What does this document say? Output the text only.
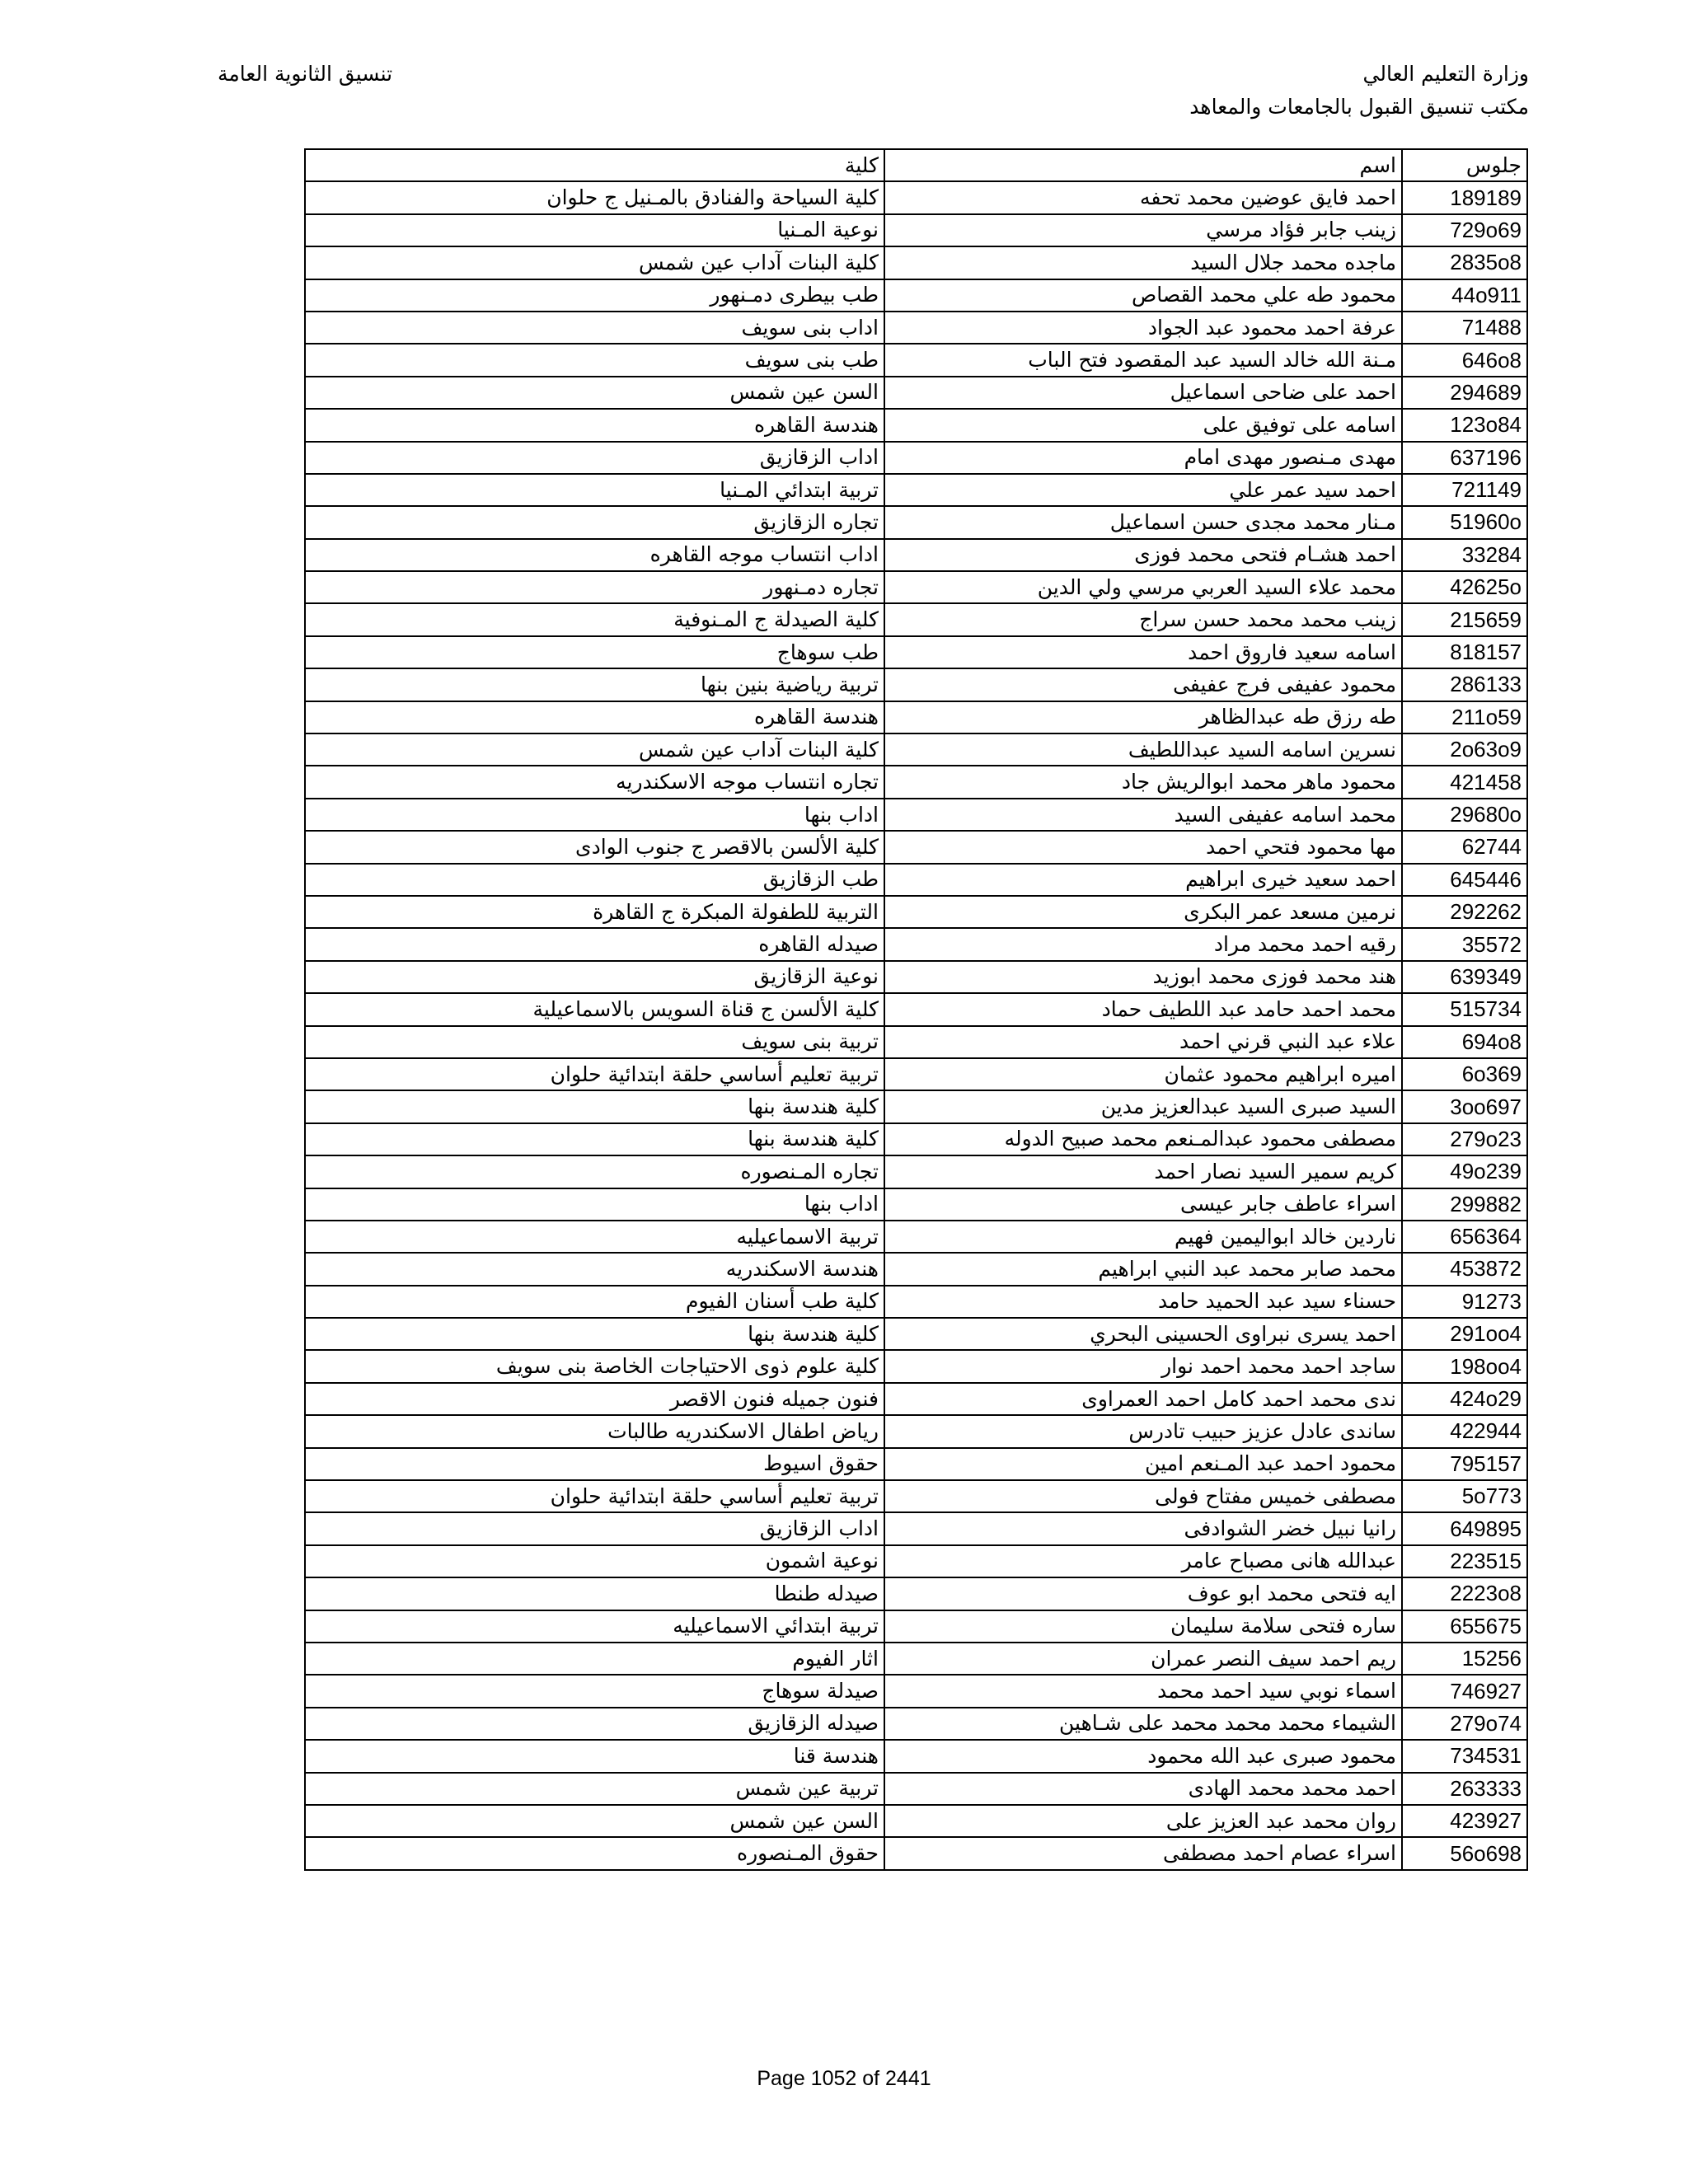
وزارة التعليم العالي
مكتب تنسيق القبول بالجامعات والمعاهد
تنسيق الثانوية العامة
جلوس	اسم	كلية
189189	احمد فايق عوضين محمد تحفه	كلية السياحة والفنادق بالمـنيل ج حلوان
729o69	زينب جابر فؤاد مرسي	نوعية المـنيا
2835o8	ماجده محمد جلال السيد	كلية البنات آداب عين شمس
44o911	محمود طه علي محمد القصاص	طب بيطرى دمـنهور
71488	عرفة احمد محمود عبد الجواد	اداب بنى سويف
646o8	مـنة الله خالد السيد عبد المقصود فتح الباب	طب بنى سويف
294689	احمد على ضاحى اسماعيل	السن عين شمس
123o84	اسامه على توفيق على	هندسة القاهره
637196	مهدى مـنصور مهدى امام	اداب الزقازيق
721149	احمد سيد عمر علي	تربية ابتدائي المـنيا
51960o	مـنار محمد مجدى حسن اسماعيل	تجاره الزقازيق
33284	احمد هشـام فتحى محمد فوزى	اداب انتساب موجه القاهره
42625o	محمد علاء السيد العربي مرسي ولي الدين	تجاره دمـنهور
215659	زينب محمد محمد حسن سراج	كلية الصيدلة ج المـنوفية
818157	اسامه سعيد فاروق احمد	طب سوهاج
286133	محمود عفيفى فرج عفيفى	تربية رياضية بنين بنها
211o59	طه رزق طه عبدالظاهر	هندسة القاهره
2o63o9	نسرين اسامه السيد عبداللطيف	كلية البنات آداب عين شمس
421458	محمود ماهر محمد ابوالريش جاد	تجاره انتساب موجه الاسكندريه
29680o	محمد اسامه عفيفى السيد	اداب بنها
62744	مها محمود فتحي احمد	كلية الألسن بالاقصر ج جنوب الوادى
645446	احمد سعيد خيرى ابراهيم	طب الزقازيق
292262	نرمين مسعد عمر البكرى	التربية للطفولة المبكرة ج القاهرة
35572	رقيه احمد محمد مراد	صيدله القاهره
639349	هند محمد فوزى محمد ابوزيد	نوعية الزقازيق
515734	محمد احمد حامد عبد اللطيف حماد	كلية الألسن ج قناة السويس بالاسماعيلية
694o8	علاء عبد النبي قرني احمد	تربية بنى سويف
6o369	اميره ابراهيم محمود عثمان	تربية تعليم أساسي حلقة ابتدائية حلوان
3oo697	السيد صبرى السيد عبدالعزيز مدين	كلية هندسة بنها
279o23	مصطفى محمود عبدالمـنعم محمد صبيح الدوله	كلية هندسة بنها
49o239	كريم سمير السيد نصار احمد	تجاره المـنصوره
299882	اسراء عاطف جابر عيسى	اداب بنها
656364	ناردين خالد ابواليمين فهيم	تربية الاسماعيليه
453872	محمد صابر محمد عبد النبي ابراهيم	هندسة الاسكندريه
91273	حسناء سيد عبد الحميد حامد	كلية طب أسنان الفيوم
291oo4	احمد يسرى نبراوى الحسينى البحري	كلية هندسة بنها
198oo4	ساجد احمد محمد احمد نوار	كلية علوم ذوى الاحتياجات الخاصة بنى سويف
424o29	ندى محمد احمد كامل احمد العمراوى	فنون جميله فنون الاقصر
422944	ساندى عادل عزيز حبيب تادرس	رياض اطفال الاسكندريه طالبات
795157	محمود احمد عبد المـنعم امين	حقوق اسيوط
5o773	مصطفى خميس مفتاح فولى	تربية تعليم أساسي حلقة ابتدائية حلوان
649895	رانيا نبيل خضر الشوادفى	اداب الزقازيق
223515	عبدالله هانى مصباح عامر	نوعية اشمون
2223o8	ايه فتحى محمد ابو عوف	صيدله طنطا
655675	ساره فتحى سلامة سليمان	تربية ابتدائي الاسماعيليه
15256	ريم احمد سيف النصر عمران	اثار الفيوم
746927	اسماء نوبي سيد احمد محمد	صيدلة سوهاج
279o74	الشيماء محمد محمد محمد على شـاهين	صيدله الزقازيق
734531	محمود صبرى عبد الله محمود	هندسة قنا
263333	احمد محمد محمد الهادى	تربية عين شمس
423927	روان محمد عبد العزيز على	السن عين شمس
56o698	اسراء عصام احمد مصطفى	حقوق المـنصوره
Page 1052 of 2441
